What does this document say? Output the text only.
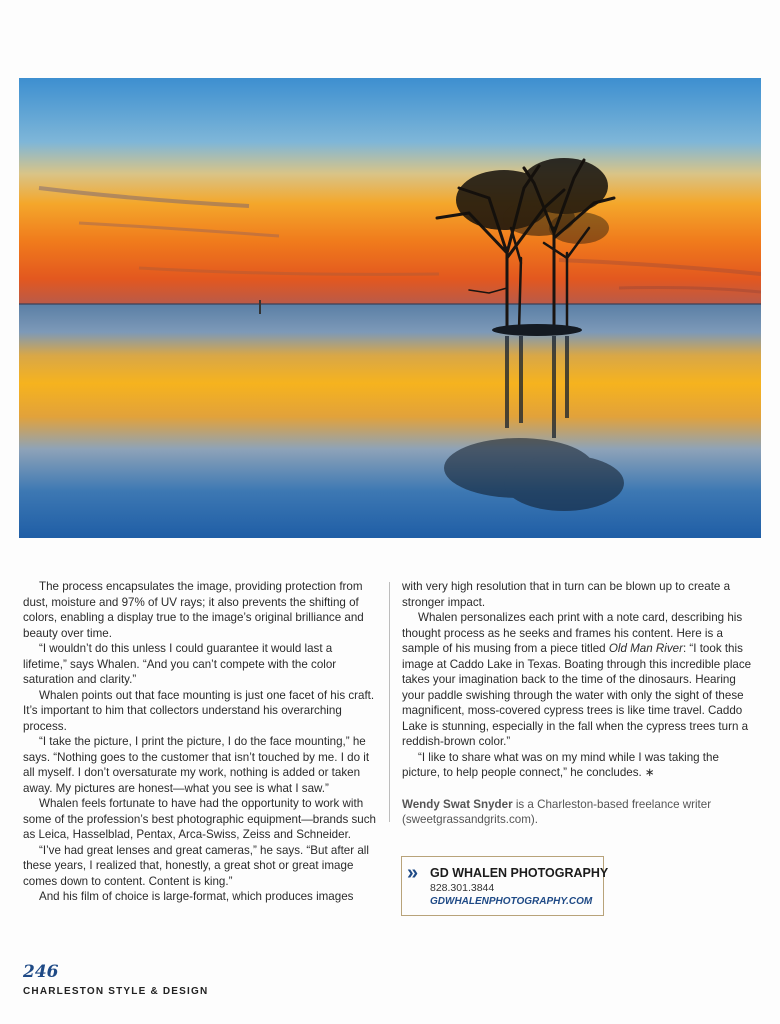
The process encapsulates the image, providing protection from dust, moisture and 97% of UV rays; it also prevents the shifting of colors, enabling a display true to the image’s original brilliance and beauty over time.

“I wouldn’t do this unless I could guarantee it would last a lifetime,” says Whalen. “And you can’t compete with the color saturation and clarity.”

Whalen points out that face mounting is just one facet of his craft. It’s important to him that collectors understand his overarching process.

“I take the picture, I print the picture, I do the face mounting,” he says. “Nothing goes to the customer that isn’t touched by me. I do it all myself. I don’t oversaturate my work, nothing is added or taken away. My pictures are honest—what you see is what I saw.”

Whalen feels fortunate to have had the opportunity to work with some of the profession’s best photographic equipment—brands such as Leica, Hasselblad, Pentax, Arca-Swiss, Zeiss and Schneider.

“I’ve had great lenses and great cameras,” he says. “But after all these years, I realized that, honestly, a great shot or great image comes down to content. Content is king.”

And his film of choice is large-format, which produces images

with very high resolution that in turn can be blown up to create a stronger impact.

Whalen personalizes each print with a note card, describing his thought process as he seeks and frames his content. Here is a sample of his musing from a piece titled Old Man River: “I took this image at Caddo Lake in Texas. Boating through this incredible place takes your imagination back to the time of the dinosaurs. Hearing your paddle swishing through the water with only the sight of these magnificent, moss-covered cypress trees is like time travel. Caddo Lake is stunning, especially in the fall when the cypress trees turn a reddish-brown color.”

“I like to share what was on my mind while I was taking the picture, to help people connect,” he concludes. ∗

Wendy Swat Snyder is a Charleston-based freelance writer (sweetgrassandgrits.com).

» GD WHALEN PHOTOGRAPHY
828.301.3844
GDWHALENPHOTOGRAPHY.COM
246
CHARLESTON STYLE & DESIGN
